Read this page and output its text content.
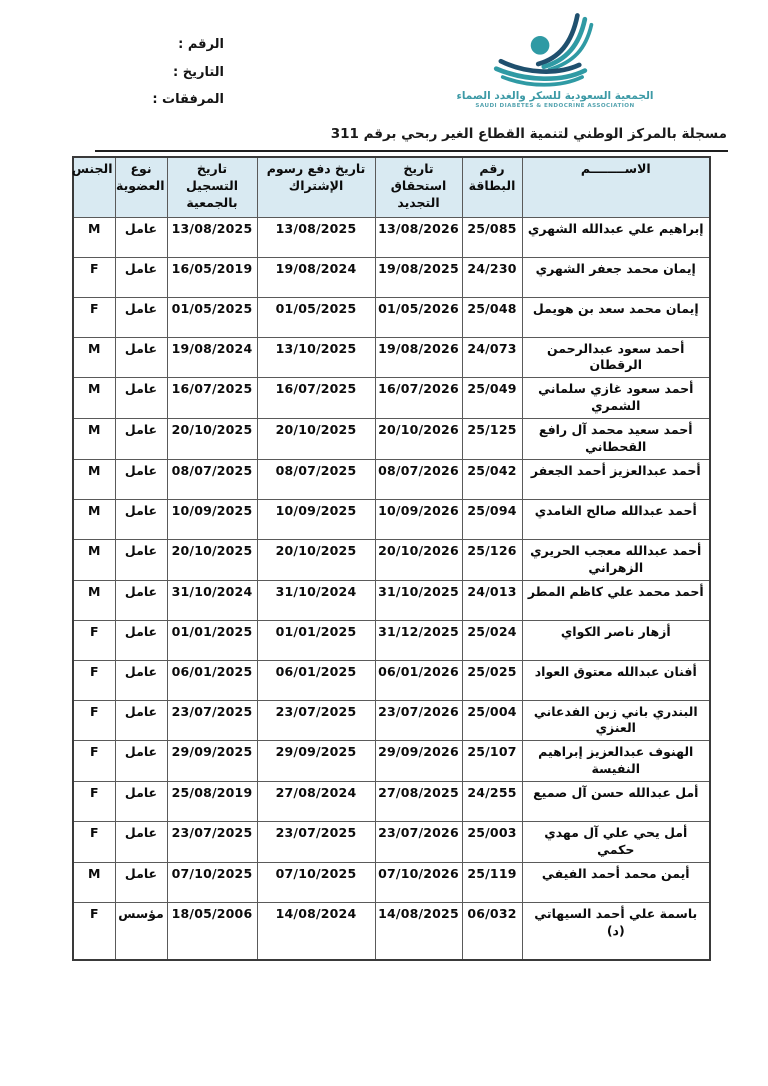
الرقم :
التاريخ :
المرفقات :	الجمعية السعودية للسكر والغدد الصماء
SAUDI DIABETES & ENDOCRINE ASSOCIATION
مسجلة بالمركز الوطني لتنمية القطاع الغير ربحي برقم 311
الاســــــــم	رقم البطاقة	تاريخ استحقاق التجديد	تاريخ دفع رسوم الإشتراك	تاريخ التسجيل بالجمعية	نوع العضوية	الجنس
إبراهيم علي عبدالله الشهري	25/085	13/08/2026	13/08/2025	13/08/2025	عامل	M
إيمان محمد جعفر الشهري	24/230	19/08/2025	19/08/2024	16/05/2019	عامل	F
إيمان محمد سعد بن هويمل	25/048	01/05/2026	01/05/2025	01/05/2025	عامل	F
أحمد سعود عبدالرحمن الرقطان	24/073	19/08/2026	13/10/2025	19/08/2024	عامل	M
أحمد سعود غازي سلماني الشمري	25/049	16/07/2026	16/07/2025	16/07/2025	عامل	M
أحمد سعيد محمد آل رافع القحطاني	25/125	20/10/2026	20/10/2025	20/10/2025	عامل	M
أحمد عبدالعزيز أحمد الجعفر	25/042	08/07/2026	08/07/2025	08/07/2025	عامل	M
أحمد عبدالله صالح الغامدي	25/094	10/09/2026	10/09/2025	10/09/2025	عامل	M
أحمد عبدالله معجب الحريري الزهراني	25/126	20/10/2026	20/10/2025	20/10/2025	عامل	M
أحمد محمد علي كاظم المطر	24/013	31/10/2025	31/10/2024	31/10/2024	عامل	M
أزهار ناصر الكواي	25/024	31/12/2025	01/01/2025	01/01/2025	عامل	F
أفنان عبدالله معتوق العواد	25/025	06/01/2026	06/01/2025	06/01/2025	عامل	F
البندري باني زبن الفدعاني العنزي	25/004	23/07/2026	23/07/2025	23/07/2025	عامل	F
الهنوف عبدالعزيز إبراهيم النفيسة	25/107	29/09/2026	29/09/2025	29/09/2025	عامل	F
أمل عبدالله حسن آل صميع	24/255	27/08/2025	27/08/2024	25/08/2019	عامل	F
أمل يحي علي آل مهدي حكمي	25/003	23/07/2026	23/07/2025	23/07/2025	عامل	F
أيمن محمد أحمد الفيفي	25/119	07/10/2026	07/10/2025	07/10/2025	عامل	M
باسمة علي أحمد السيهاتي (د)	06/032	14/08/2025	14/08/2024	18/05/2006	مؤسس	F
